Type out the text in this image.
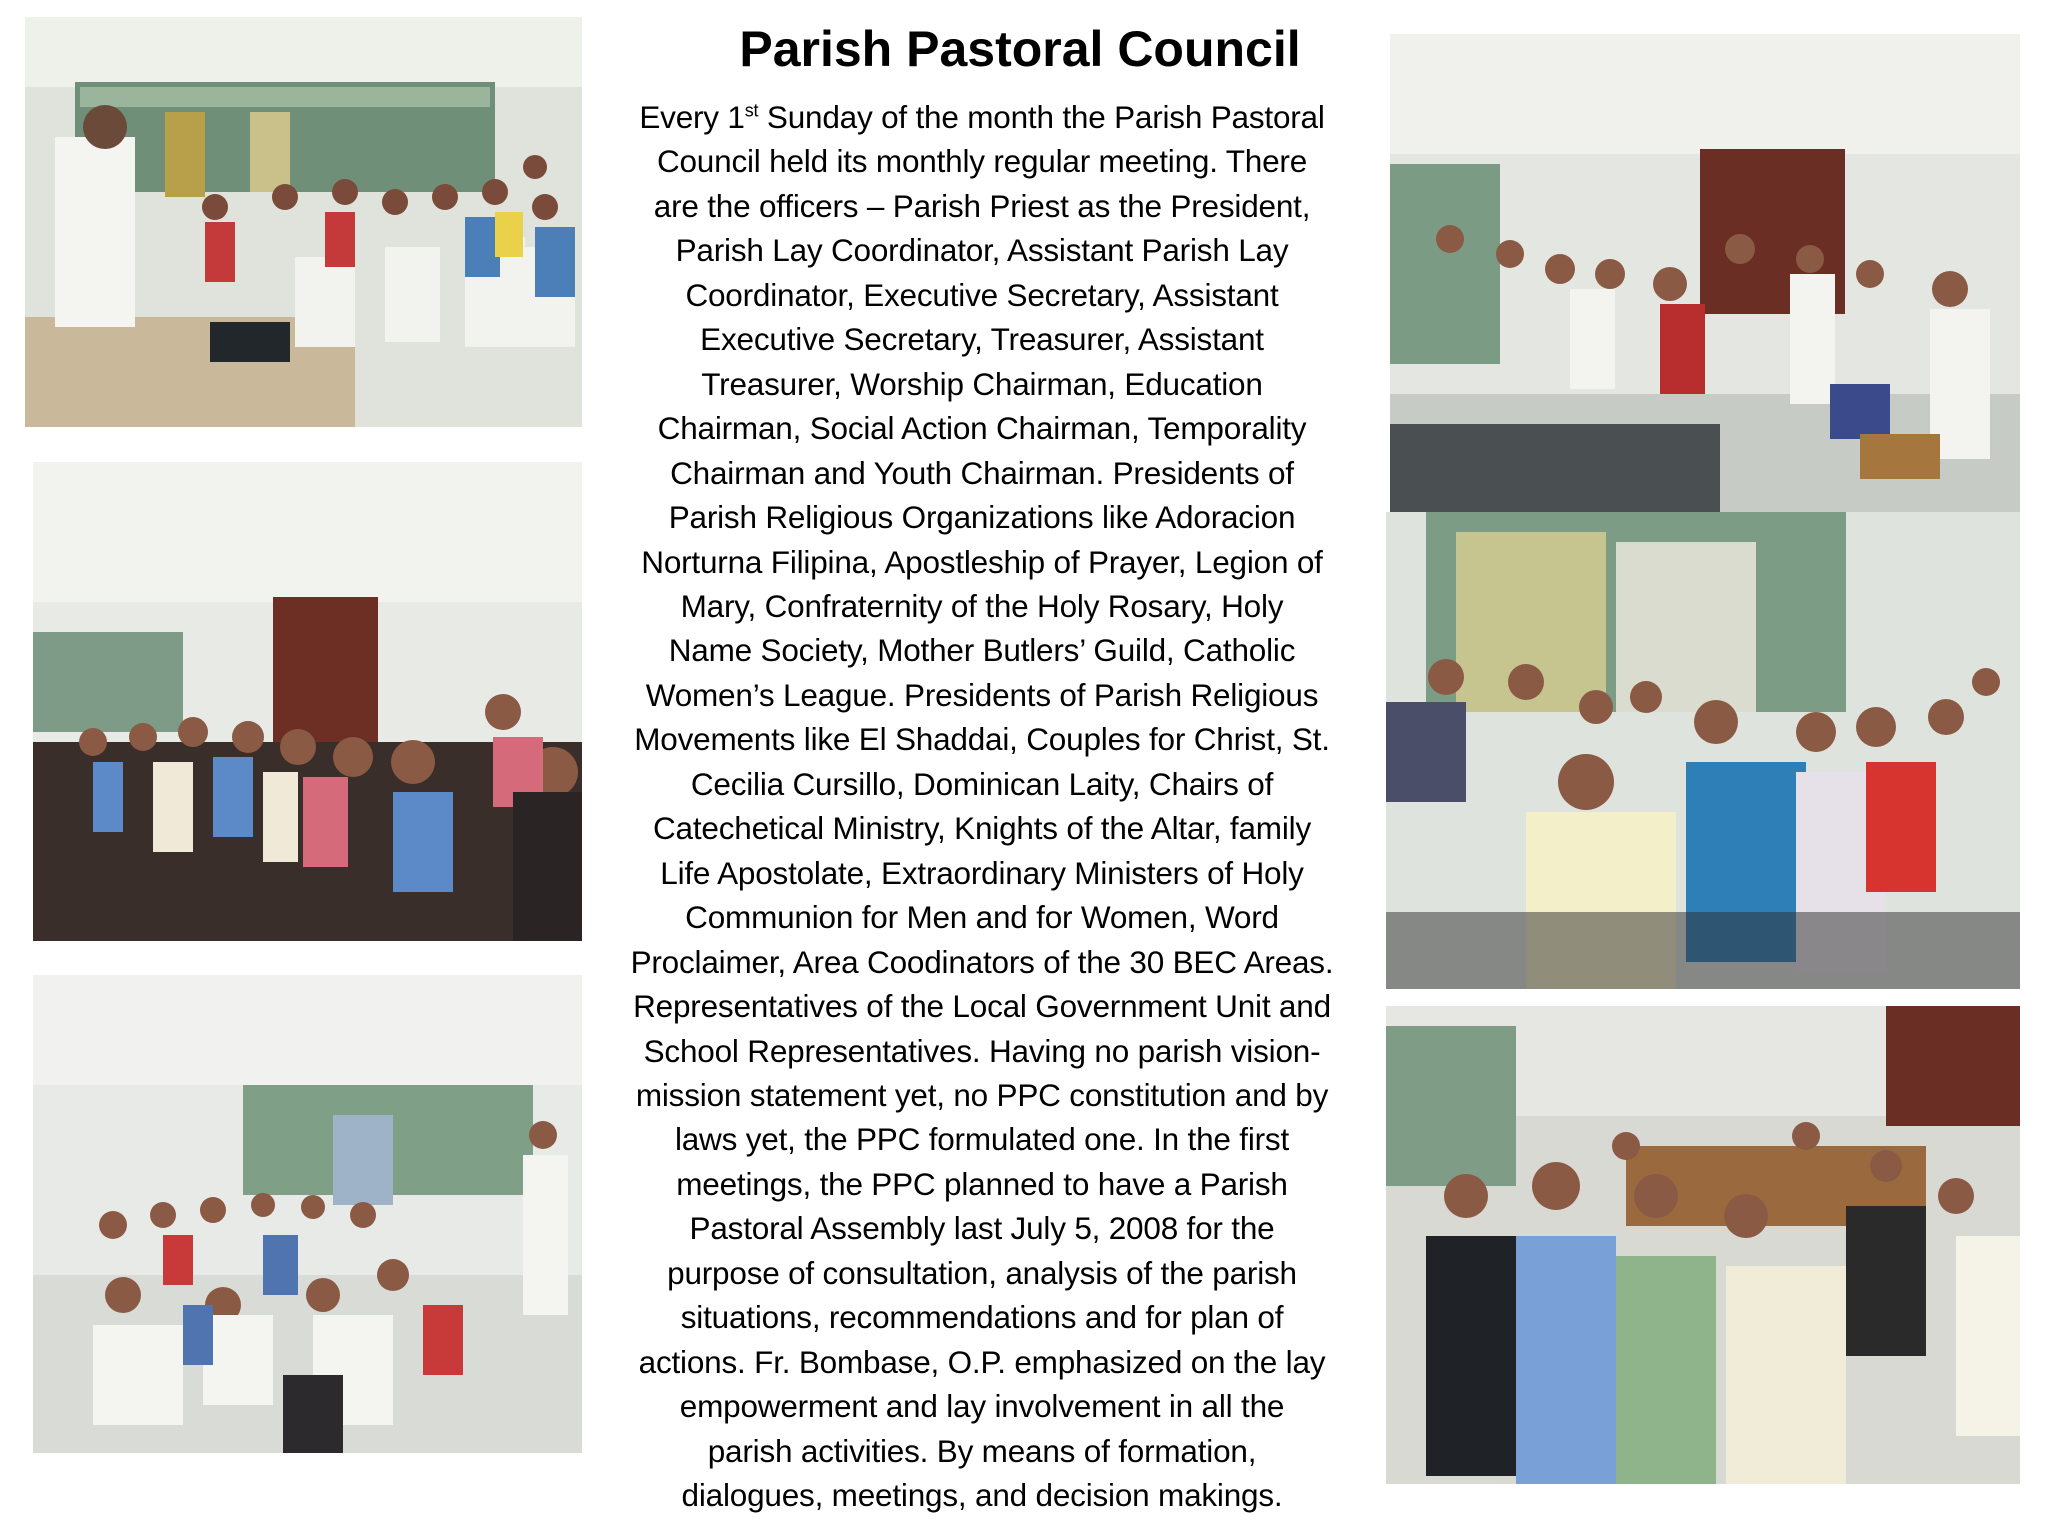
Parish Pastoral Council
Every 1st Sunday of the month the Parish Pastoral
Council held its monthly regular meeting. There
are the officers – Parish Priest as the President,
Parish Lay Coordinator, Assistant Parish Lay
Coordinator, Executive Secretary, Assistant
Executive Secretary, Treasurer, Assistant
Treasurer, Worship Chairman, Education
Chairman, Social Action Chairman, Temporality
Chairman and Youth Chairman. Presidents of
Parish Religious Organizations like Adoracion
Norturna Filipina, Apostleship of Prayer, Legion of
Mary, Confraternity of the Holy Rosary, Holy
Name Society, Mother Butlers’ Guild, Catholic
Women’s League. Presidents of Parish Religious
Movements like El Shaddai, Couples for Christ, St.
Cecilia Cursillo, Dominican Laity, Chairs of
Catechetical Ministry, Knights of the Altar, family
Life Apostolate, Extraordinary Ministers of Holy
Communion for Men and for Women, Word
Proclaimer, Area Coodinators of the 30 BEC Areas.
Representatives of the Local Government Unit and
School Representatives. Having no parish vision-
mission statement yet, no PPC constitution and by
laws yet, the PPC formulated one. In the first
meetings, the PPC planned to have a Parish
Pastoral Assembly last July 5, 2008 for the
purpose of consultation, analysis of the parish
situations, recommendations and for plan of
actions. Fr. Bombase, O.P. emphasized on the lay
empowerment and lay involvement in all the
parish activities. By means of formation,
dialogues, meetings, and decision makings.
